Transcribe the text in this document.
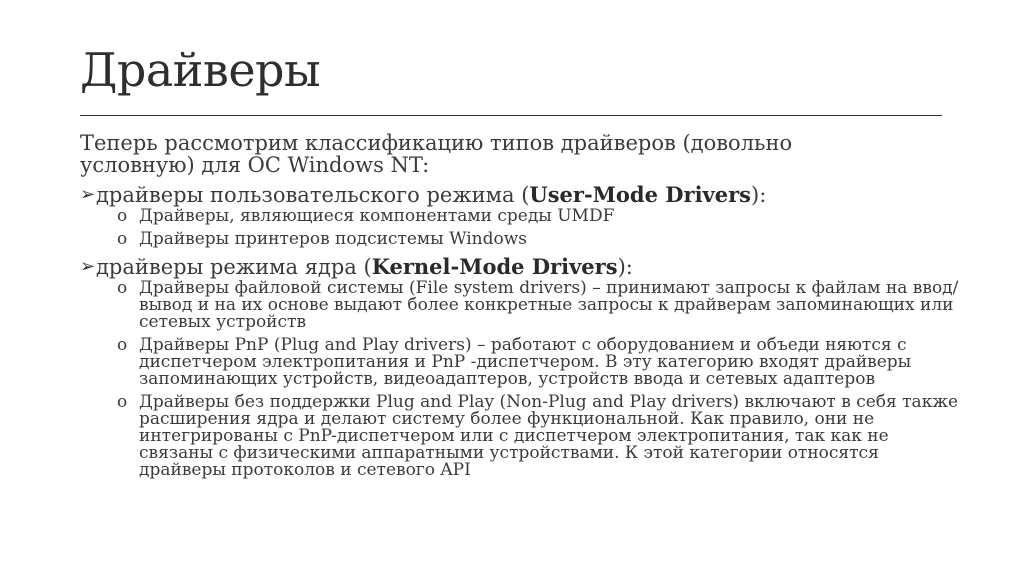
Драйверы

Теперь рассмотрим классификацию типов драйверов (довольно условную) для ОС Windows NT:

➢ драйверы пользовательского режима (User-Mode Drivers):

o Драйверы, являющиеся компонентами среды UMDF
o Драйверы принтеров подсистемы Windows

➢ драйверы режима ядра (Kernel-Mode Drivers):

o Драйверы файловой системы (File system drivers) – принимают запросы к файлам на ввод/вывод и на их основе выдают более конкретные запросы к драйверам запоминающих или сетевых устройств
o Драйверы PnP (Plug and Play drivers) – работают с оборудованием и объеди няются с диспетчером электропитания и PnP -диспетчером. В эту категорию входят драйверы запоминающих устройств, видеоадаптеров, устройств ввода и сетевых адаптеров
o Драйверы без поддержки Plug and Play (Non-Plug and Play drivers) включают в себя также расширения ядра и делают систему более функциональной. Как правило, они не интегрированы с PnP-диспетчером или с диспетчером электропитания, так как не связаны с физическими аппаратными устройствами. К этой категории относятся драйверы протоколов и сетевого API
